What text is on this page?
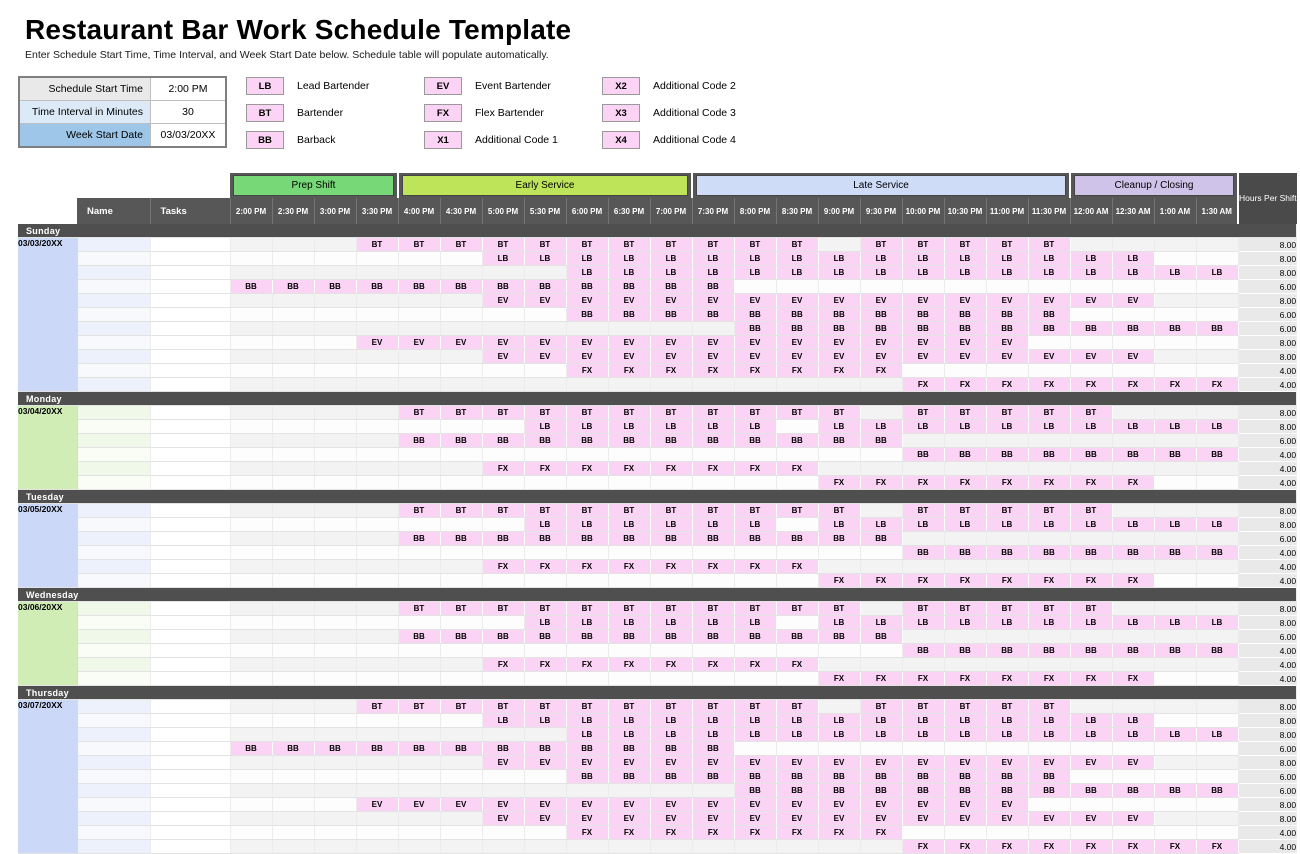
Restaurant Bar Work Schedule Template

Enter Schedule Start Time, Time Interval, and Week Start Date below. Schedule table will populate automatically.

Schedule Start Time	2:00 PM
Time Interval in Minutes	30
Week Start Date	03/03/20XX
LB	Lead Bartender
BT	Bartender
BB	Barback
EV	Event Bartender
FX	Flex Bartender
X1	Additional Code 1
X2	Additional Code 2
X3	Additional Code 3
X4	Additional Code 4

Prep Shift				Early Service							Late Service									Cleanup / Closing				Hours Per Shift
	Name	Tasks	2:00 PM	2:30 PM	3:00 PM	3:30 PM	4:00 PM	4:30 PM	5:00 PM	5:30 PM	6:00 PM	6:30 PM	7:00 PM	7:30 PM	8:00 PM	8:30 PM	9:00 PM	9:30 PM	10:00 PM	10:30 PM	11:00 PM	11:30 PM	12:00 AM	12:30 AM	1:00 AM	1:30 AM	
Sunday																											
03/03/20XX						BT	BT	BT	BT	BT	BT	BT	BT	BT	BT	BT		BT	BT	BT	BT	BT					8.00
									LB	LB	LB	LB	LB	LB	LB	LB	LB	LB	LB	LB	LB	LB	LB	LB			8.00
											LB	LB	LB	LB	LB	LB	LB	LB	LB	LB	LB	LB	LB	LB	LB	LB	8.00
			BB	BB	BB	BB	BB	BB	BB	BB	BB	BB	BB	BB													6.00
									EV	EV	EV	EV	EV	EV	EV	EV	EV	EV	EV	EV	EV	EV	EV	EV			8.00
											BB	BB	BB	BB	BB	BB	BB	BB	BB	BB	BB	BB					6.00
															BB	BB	BB	BB	BB	BB	BB	BB	BB	BB	BB	BB	6.00
						EV	EV	EV	EV	EV	EV	EV	EV	EV	EV	EV	EV	EV	EV	EV	EV						8.00
									EV	EV	EV	EV	EV	EV	EV	EV	EV	EV	EV	EV	EV	EV	EV	EV			8.00
											FX	FX	FX	FX	FX	FX	FX	FX									4.00
																			FX	FX	FX	FX	FX	FX	FX	FX	4.00
Monday																											
03/04/20XX							BT	BT	BT	BT	BT	BT	BT	BT	BT	BT	BT		BT	BT	BT	BT	BT				8.00
										LB	LB	LB	LB	LB	LB		LB	LB	LB	LB	LB	LB	LB	LB	LB	LB	8.00
							BB	BB	BB	BB	BB	BB	BB	BB	BB	BB	BB	BB									6.00
																			BB	BB	BB	BB	BB	BB	BB	BB	4.00
									FX	FX	FX	FX	FX	FX	FX	FX											4.00
																	FX	FX	FX	FX	FX	FX	FX	FX			4.00
Tuesday																											
03/05/20XX							BT	BT	BT	BT	BT	BT	BT	BT	BT	BT	BT		BT	BT	BT	BT	BT				8.00
										LB	LB	LB	LB	LB	LB		LB	LB	LB	LB	LB	LB	LB	LB	LB	LB	8.00
							BB	BB	BB	BB	BB	BB	BB	BB	BB	BB	BB	BB									6.00
																			BB	BB	BB	BB	BB	BB	BB	BB	4.00
									FX	FX	FX	FX	FX	FX	FX	FX											4.00
																	FX	FX	FX	FX	FX	FX	FX	FX			4.00
Wednesday																											
03/06/20XX							BT	BT	BT	BT	BT	BT	BT	BT	BT	BT	BT		BT	BT	BT	BT	BT				8.00
										LB	LB	LB	LB	LB	LB		LB	LB	LB	LB	LB	LB	LB	LB	LB	LB	8.00
							BB	BB	BB	BB	BB	BB	BB	BB	BB	BB	BB	BB									6.00
																			BB	BB	BB	BB	BB	BB	BB	BB	4.00
									FX	FX	FX	FX	FX	FX	FX	FX											4.00
																	FX	FX	FX	FX	FX	FX	FX	FX			4.00
Thursday																											
03/07/20XX						BT	BT	BT	BT	BT	BT	BT	BT	BT	BT	BT		BT	BT	BT	BT	BT					8.00
									LB	LB	LB	LB	LB	LB	LB	LB	LB	LB	LB	LB	LB	LB	LB	LB			8.00
											LB	LB	LB	LB	LB	LB	LB	LB	LB	LB	LB	LB	LB	LB	LB	LB	8.00
			BB	BB	BB	BB	BB	BB	BB	BB	BB	BB	BB	BB													6.00
									EV	EV	EV	EV	EV	EV	EV	EV	EV	EV	EV	EV	EV	EV	EV	EV			8.00
											BB	BB	BB	BB	BB	BB	BB	BB	BB	BB	BB	BB					6.00
															BB	BB	BB	BB	BB	BB	BB	BB	BB	BB	BB	BB	6.00
						EV	EV	EV	EV	EV	EV	EV	EV	EV	EV	EV	EV	EV	EV	EV	EV						8.00
									EV	EV	EV	EV	EV	EV	EV	EV	EV	EV	EV	EV	EV	EV	EV	EV			8.00
											FX	FX	FX	FX	FX	FX	FX	FX									4.00
																			FX	FX	FX	FX	FX	FX	FX	FX	4.00
